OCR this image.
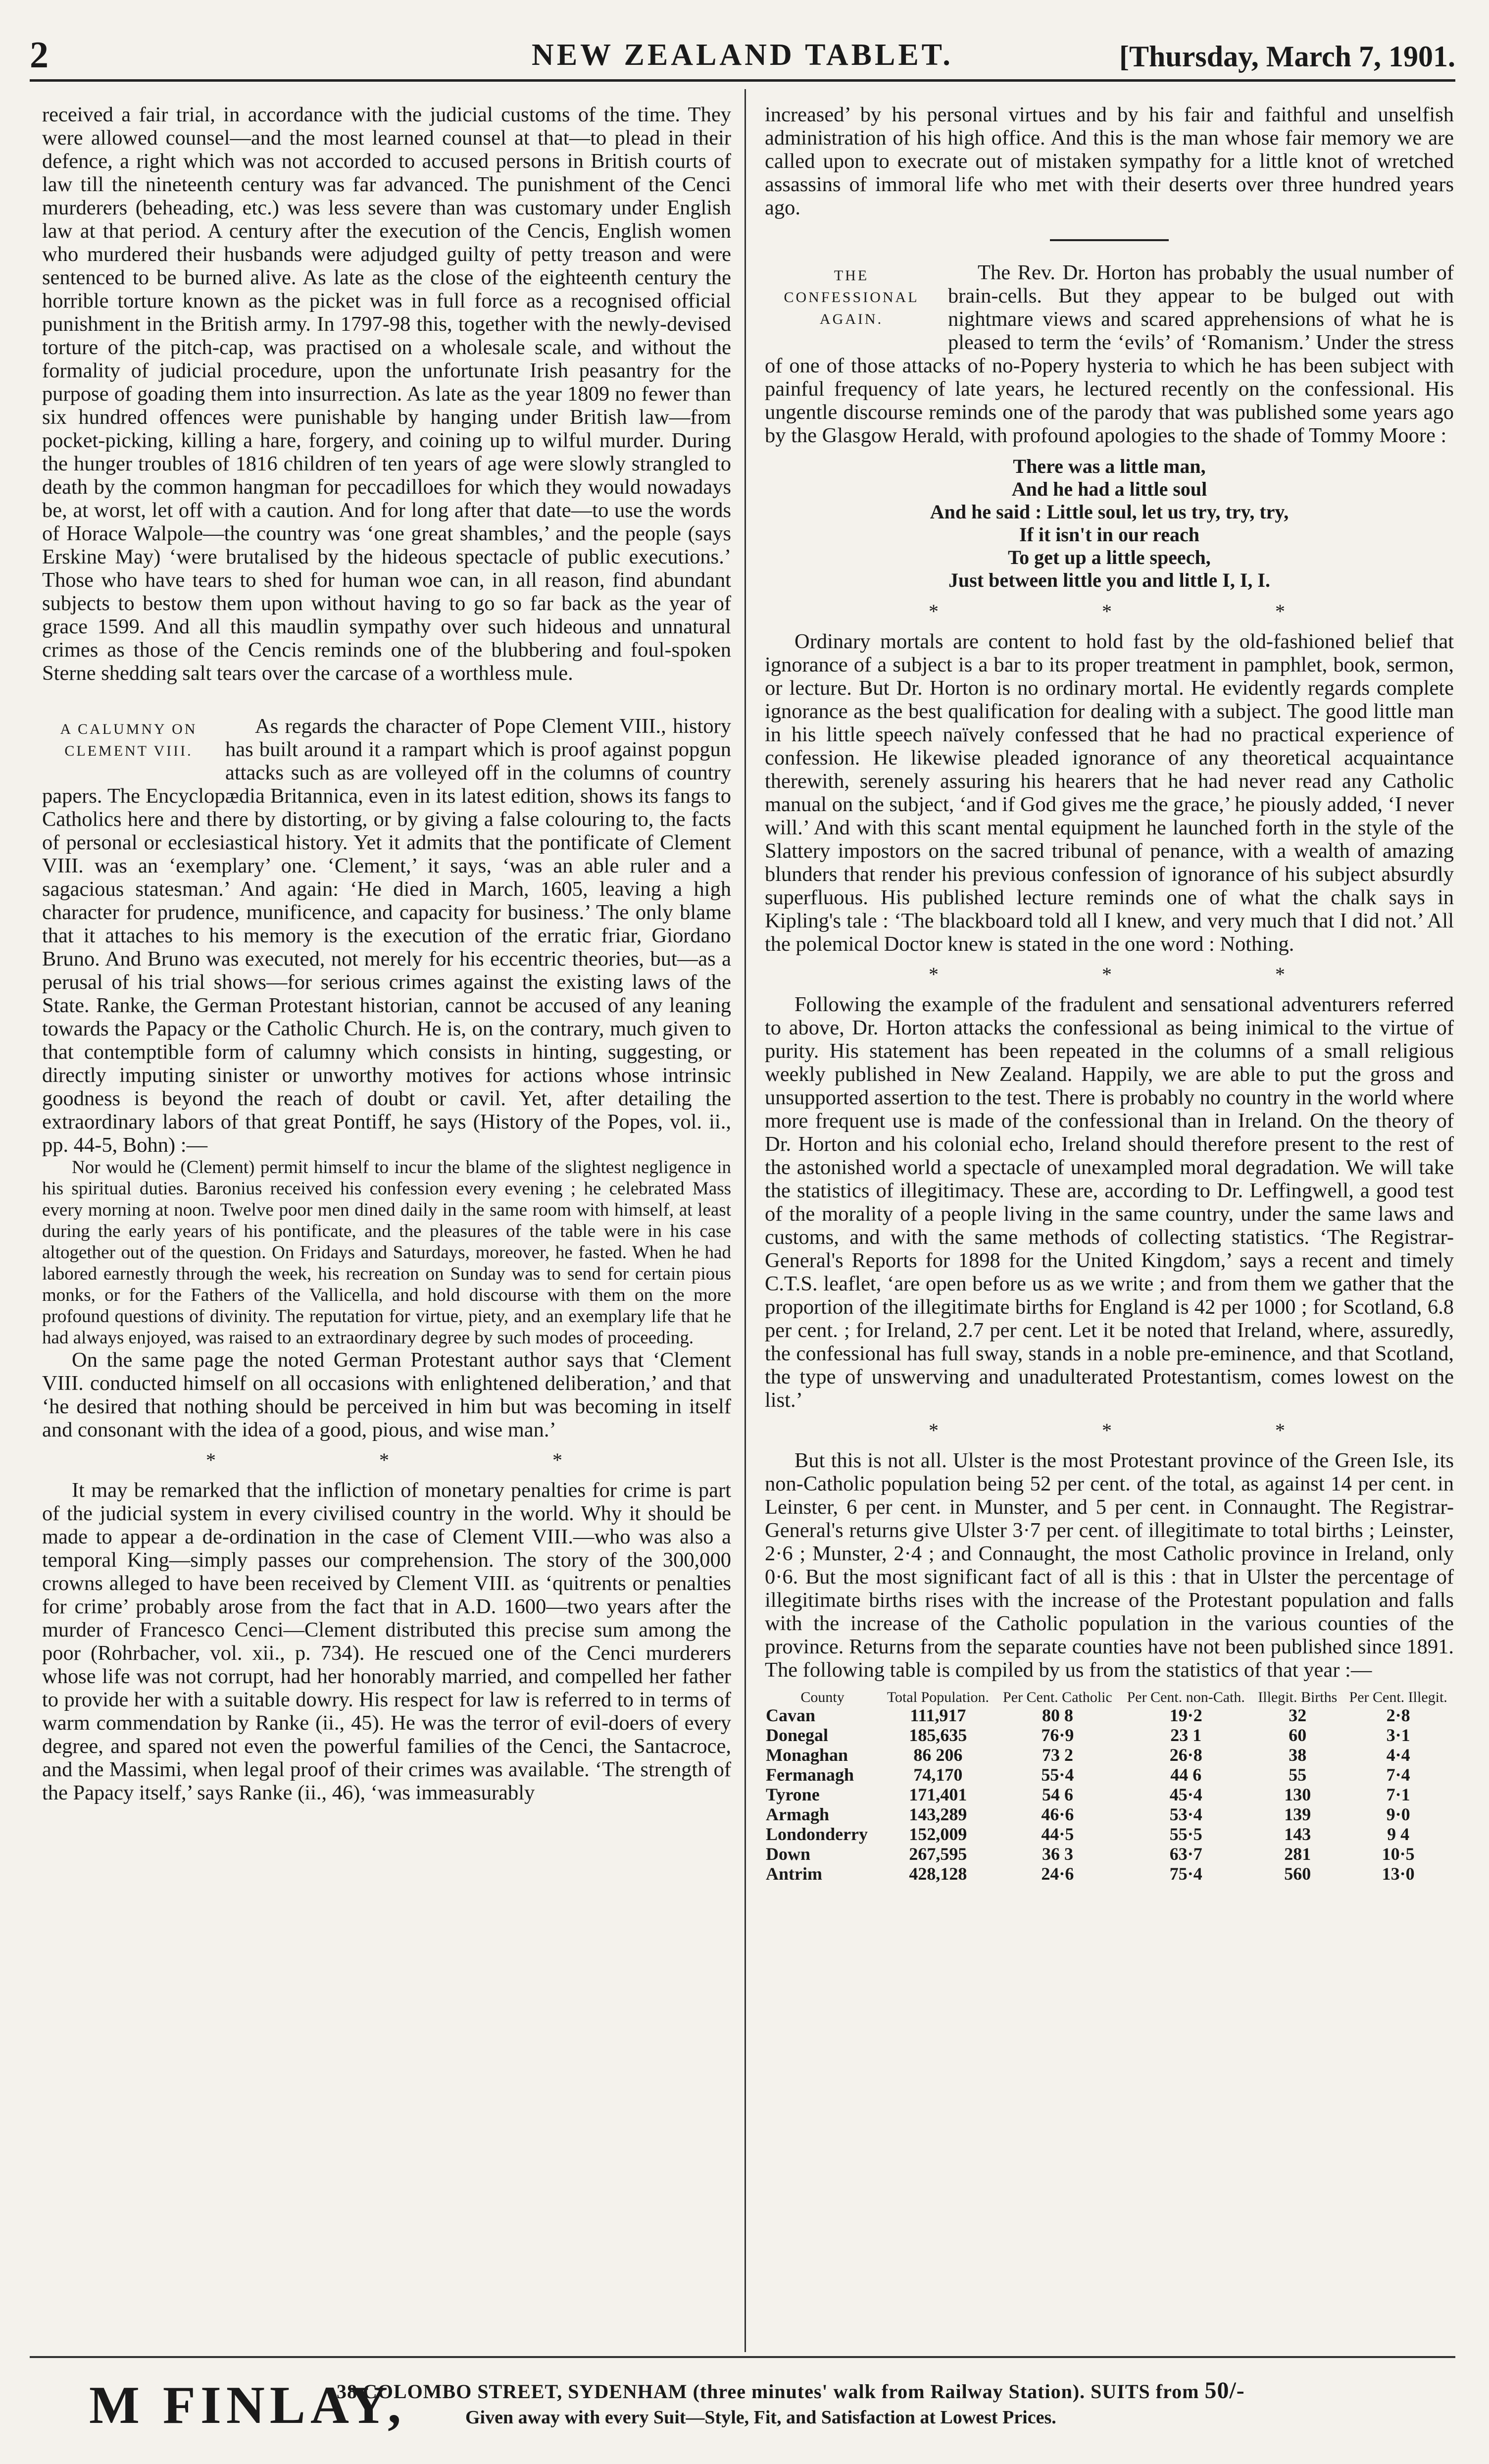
2	NEW ZEALAND TABLET.	[Thursday, March 7, 1901.

received a fair trial, in accordance with the judicial customs of the time. They were allowed counsel—and the most learned counsel at that—to plead in their defence, a right which was not accorded to accused persons in British courts of law till the nineteenth century was far advanced. The punishment of the Cenci murderers (beheading, etc.) was less severe than was customary under English law at that period. A century after the execution of the Cencis, English women who murdered their husbands were adjudged guilty of petty treason and were sentenced to be burned alive. As late as the close of the eighteenth century the horrible torture known as the picket was in full force as a recognised official punishment in the British army. In 1797-98 this, together with the newly-devised torture of the pitch-cap, was practised on a wholesale scale, and without the formality of judicial procedure, upon the unfortunate Irish peasantry for the purpose of goading them into insurrection. As late as the year 1809 no fewer than six hundred offences were punishable by hanging under British law—from pocket-picking, killing a hare, forgery, and coining up to wilful murder. During the hunger troubles of 1816 children of ten years of age were slowly strangled to death by the common hangman for peccadilloes for which they would nowadays be, at worst, let off with a caution. And for long after that date—to use the words of Horace Walpole—the country was ‘one great shambles,’ and the people (says Erskine May) ‘were brutalised by the hideous spectacle of public executions.’ Those who have tears to shed for human woe can, in all reason, find abundant subjects to bestow them upon without having to go so far back as the year of grace 1599. And all this maudlin sympathy over such hideous and unnatural crimes as those of the Cencis reminds one of the blubbering and foul-spoken Sterne shedding salt tears over the carcase of a worthless mule.

A CALUMNY ON CLEMENT VIII.

As regards the character of Pope Clement VIII., history has built around it a rampart which is proof against popgun attacks such as are volleyed off in the columns of country papers. The Encyclopædia Britannica, even in its latest edition, shows its fangs to Catholics here and there by distorting, or by giving a false colouring to, the facts of personal or ecclesiastical history. Yet it admits that the pontificate of Clement VIII. was an ‘exemplary’ one. ‘Clement,’ it says, ‘was an able ruler and a sagacious statesman.’ And again: ‘He died in March, 1605, leaving a high character for prudence, munificence, and capacity for business.’ The only blame that it attaches to his memory is the execution of the erratic friar, Giordano Bruno. And Bruno was executed, not merely for his eccentric theories, but—as a perusal of his trial shows—for serious crimes against the existing laws of the State. Ranke, the German Protestant historian, cannot be accused of any leaning towards the Papacy or the Catholic Church. He is, on the contrary, much given to that contemptible form of calumny which consists in hinting, suggesting, or directly imputing sinister or unworthy motives for actions whose intrinsic goodness is beyond the reach of doubt or cavil. Yet, after detailing the extraordinary labors of that great Pontiff, he says (History of the Popes, vol. ii., pp. 44-5, Bohn) :—

Nor would he (Clement) permit himself to incur the blame of the slightest negligence in his spiritual duties. Baronius received his confession every evening ; he celebrated Mass every morning at noon. Twelve poor men dined daily in the same room with himself, at least during the early years of his pontificate, and the pleasures of the table were in his case altogether out of the question. On Fridays and Saturdays, moreover, he fasted. When he had labored earnestly through the week, his recreation on Sunday was to send for certain pious monks, or for the Fathers of the Vallicella, and hold discourse with them on the more profound questions of divinity. The reputation for virtue, piety, and an exemplary life that he had always enjoyed, was raised to an extraordinary degree by such modes of proceeding.

On the same page the noted German Protestant author says that ‘Clement VIII. conducted himself on all occasions with enlightened deliberation,’ and that ‘he desired that nothing should be perceived in him but was becoming in itself and consonant with the idea of a good, pious, and wise man.’

* * *

It may be remarked that the infliction of monetary penalties for crime is part of the judicial system in every civilised country in the world. Why it should be made to appear a de-ordination in the case of Clement VIII.—who was also a temporal King—simply passes our comprehension. The story of the 300,000 crowns alleged to have been received by Clement VIII. as ‘quitrents or penalties for crime’ probably arose from the fact that in A.D. 1600—two years after the murder of Francesco Cenci—Clement distributed this precise sum among the poor (Rohrbacher, vol. xii., p. 734). He rescued one of the Cenci murderers whose life was not corrupt, had her honorably married, and compelled her father to provide her with a suitable dowry. His respect for law is referred to in terms of warm commendation by Ranke (ii., 45). He was the terror of evil-doers of every degree, and spared not even the powerful families of the Cenci, the Santacroce, and the Massimi, when legal proof of their crimes was available. ‘The strength of the Papacy itself,’ says Ranke (ii., 46), ‘was immeasurably

increased’ by his personal virtues and by his fair and faithful and unselfish administration of his high office. And this is the man whose fair memory we are called upon to execrate out of mistaken sympathy for a little knot of wretched assassins of immoral life who met with their deserts over three hundred years ago.

THE CONFESSIONAL AGAIN.

The Rev. Dr. Horton has probably the usual number of brain-cells. But they appear to be bulged out with nightmare views and scared apprehensions of what he is pleased to term the ‘evils’ of ‘Romanism.’ Under the stress of one of those attacks of no-Popery hysteria to which he has been subject with painful frequency of late years, he lectured recently on the confessional. His ungentle discourse reminds one of the parody that was published some years ago by the Glasgow Herald, with profound apologies to the shade of Tommy Moore :

There was a little man,
And he had a little soul
And he said : Little soul, let us try, try, try,
If it isn't in our reach
To get up a little speech,
Just between little you and little I, I, I.
* * *

Ordinary mortals are content to hold fast by the old-fashioned belief that ignorance of a subject is a bar to its proper treatment in pamphlet, book, sermon, or lecture. But Dr. Horton is no ordinary mortal. He evidently regards complete ignorance as the best qualification for dealing with a subject. The good little man in his little speech naïvely confessed that he had no practical experience of confession. He likewise pleaded ignorance of any theoretical acquaintance therewith, serenely assuring his hearers that he had never read any Catholic manual on the subject, ‘and if God gives me the grace,’ he piously added, ‘I never will.’ And with this scant mental equipment he launched forth in the style of the Slattery impostors on the sacred tribunal of penance, with a wealth of amazing blunders that render his previous confession of ignorance of his subject absurdly superfluous. His published lecture reminds one of what the chalk says in Kipling's tale : ‘The blackboard told all I knew, and very much that I did not.’ All the polemical Doctor knew is stated in the one word : Nothing.

* * *

Following the example of the fradulent and sensational adventurers referred to above, Dr. Horton attacks the confessional as being inimical to the virtue of purity. His statement has been repeated in the columns of a small religious weekly published in New Zealand. Happily, we are able to put the gross and unsupported assertion to the test. There is probably no country in the world where more frequent use is made of the confessional than in Ireland. On the theory of Dr. Horton and his colonial echo, Ireland should therefore present to the rest of the astonished world a spectacle of unexampled moral degradation. We will take the statistics of illegitimacy. These are, according to Dr. Leffingwell, a good test of the morality of a people living in the same country, under the same laws and customs, and with the same methods of collecting statistics. ‘The Registrar-General's Reports for 1898 for the United Kingdom,’ says a recent and timely C.T.S. leaflet, ‘are open before us as we write ; and from them we gather that the proportion of the illegitimate births for England is 42 per 1000 ; for Scotland, 6.8 per cent. ; for Ireland, 2.7 per cent. Let it be noted that Ireland, where, assuredly, the confessional has full sway, stands in a noble pre-eminence, and that Scotland, the type of unswerving and unadulterated Protestantism, comes lowest on the list.’

* * *

But this is not all. Ulster is the most Protestant province of the Green Isle, its non-Catholic population being 52 per cent. of the total, as against 14 per cent. in Leinster, 6 per cent. in Munster, and 5 per cent. in Connaught. The Registrar-General's returns give Ulster 3·7 per cent. of illegitimate to total births ; Leinster, 2·6 ; Munster, 2·4 ; and Connaught, the most Catholic province in Ireland, only 0·6. But the most significant fact of all is this : that in Ulster the percentage of illegitimate births rises with the increase of the Protestant population and falls with the increase of the Catholic population in the various counties of the province. Returns from the separate counties have not been published since 1891. The following table is compiled by us from the statistics of that year :—

County	Total Population.	Per Cent. Catholic	Per Cent. non-Cath.	Illegit. Births	Per Cent. Illegit.
Cavan	111,917	80 8	19·2	32	2·8
Donegal	185,635	76·9	23 1	60	3·1
Monaghan	86 206	73 2	26·8	38	4·4
Fermanagh	74,170	55·4	44 6	55	7·4
Tyrone	171,401	54 6	45·4	130	7·1
Armagh	143,289	46·6	53·4	139	9·0
Londonderry	152,009	44·5	55·5	143	9 4
Down	267,595	36 3	63·7	281	10·5
Antrim	428,128	24·6	75·4	560	13·0
M FINLAY,
38 COLOMBO STREET, SYDENHAM (three minutes' walk from Railway Station). SUITS from 50/-
Given away with every Suit—Style, Fit, and Satisfaction at Lowest Prices.
